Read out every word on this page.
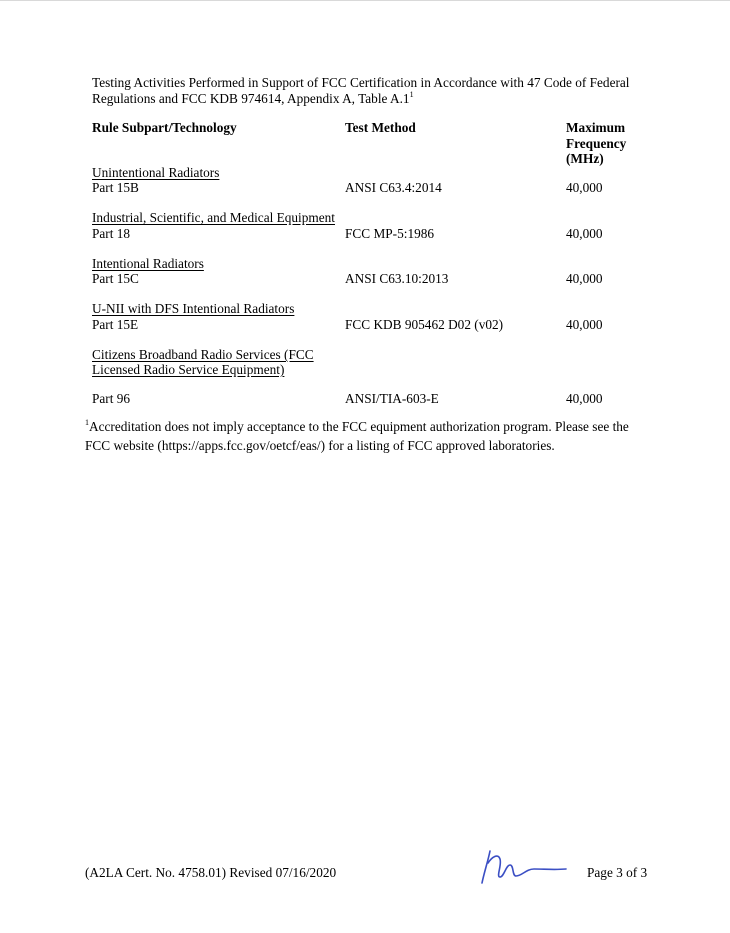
Testing Activities Performed in Support of FCC Certification in Accordance with 47 Code of Federal
Regulations and FCC KDB 974614, Appendix A, Table $A.1^1$
Rule Subpart/Technology	Test Method	Maximum
Frequency
(MHz)
Unintentional Radiators
Part 15B	ANSI C63.4:2014	40,000
Industrial, Scientific, and Medical Equipment
Part 18	FCC MP-5:1986	40,000
Intentional Radiators
Part 15C	ANSI C63.10:2013	40,000
U-NII with DFS Intentional Radiators
Part 15E	FCC KDB 905462 D02 (v02)	40,000
Citizens Broadband Radio Services (FCC
Licensed Radio Service Equipment)
Part 96	ANSI/TIA-603-E	40,000
$^1$Accreditation does not imply acceptance to the FCC equipment authorization program. Please see the
FCC website (https://apps.fcc.gov/oetcf/eas/) for a listing of FCC approved laboratories.
(A2LA Cert. No. 4758.01) Revised 07/16/2020	Page 3 of 3
